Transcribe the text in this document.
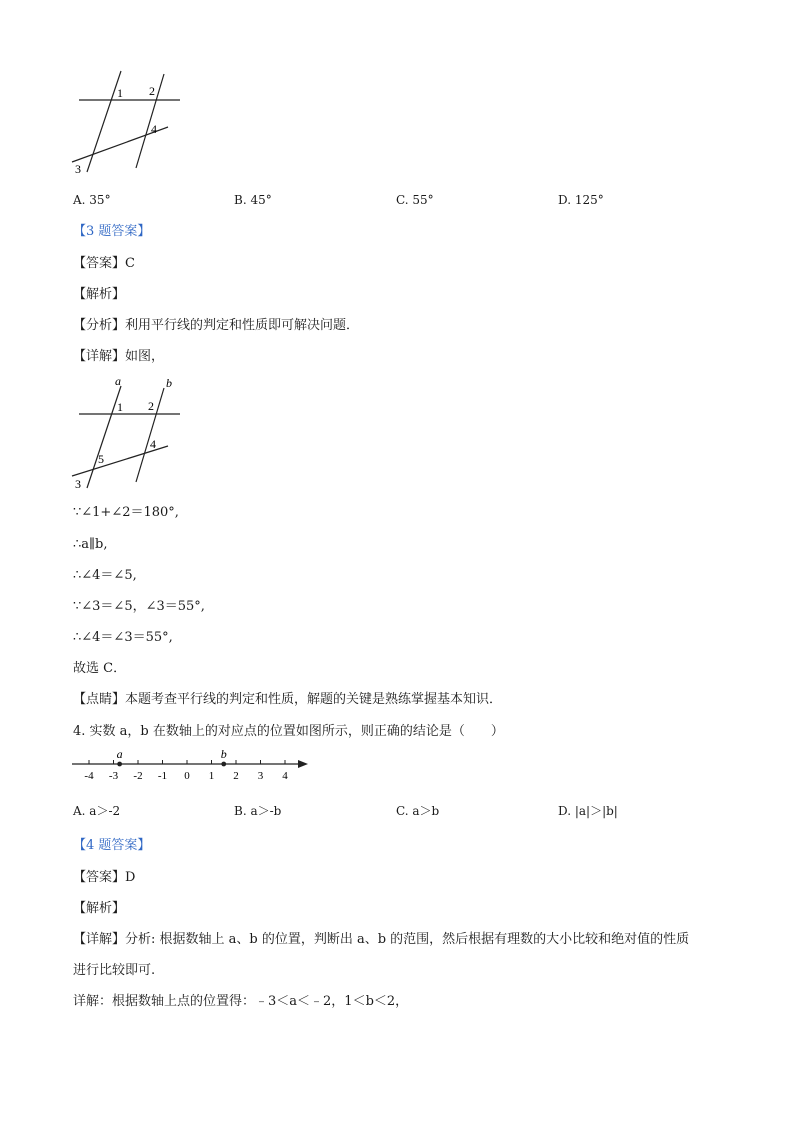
1 2
3
4
A. 35°	B. 45°	C. 55°	D. 125°
【3 题答案】
【答案】C
【解析】
【分析】利用平行线的判定和性质即可解决问题．
【详解】如图，
a	b
1 2
4
5
3
∵∠1+∠2＝180°,
∴a∥b,
∴∠4＝∠5,
∵∠3＝∠5，∠3＝55°,
∴∠4＝∠3＝55°,
故选 C．
【点睛】本题考查平行线的判定和性质，解题的关键是熟练掌握基本知识．
4. 实数 a，b 在数轴上的对应点的位置如图所示，则正确的结论是（　　）
-4 -3 -2 -1 0 1 2 3 4
a	b
A. a＞-2	B. a＞-b	C. a＞b	D. |a|＞|b|
【4 题答案】
【答案】D
【解析】
【详解】分析: 根据数轴上 a、b 的位置，判断出 a、b 的范围，然后根据有理数的大小比较和绝对值的性质
进行比较即可.
详解：根据数轴上点的位置得：﹣3＜a＜﹣2，1＜b＜2，
